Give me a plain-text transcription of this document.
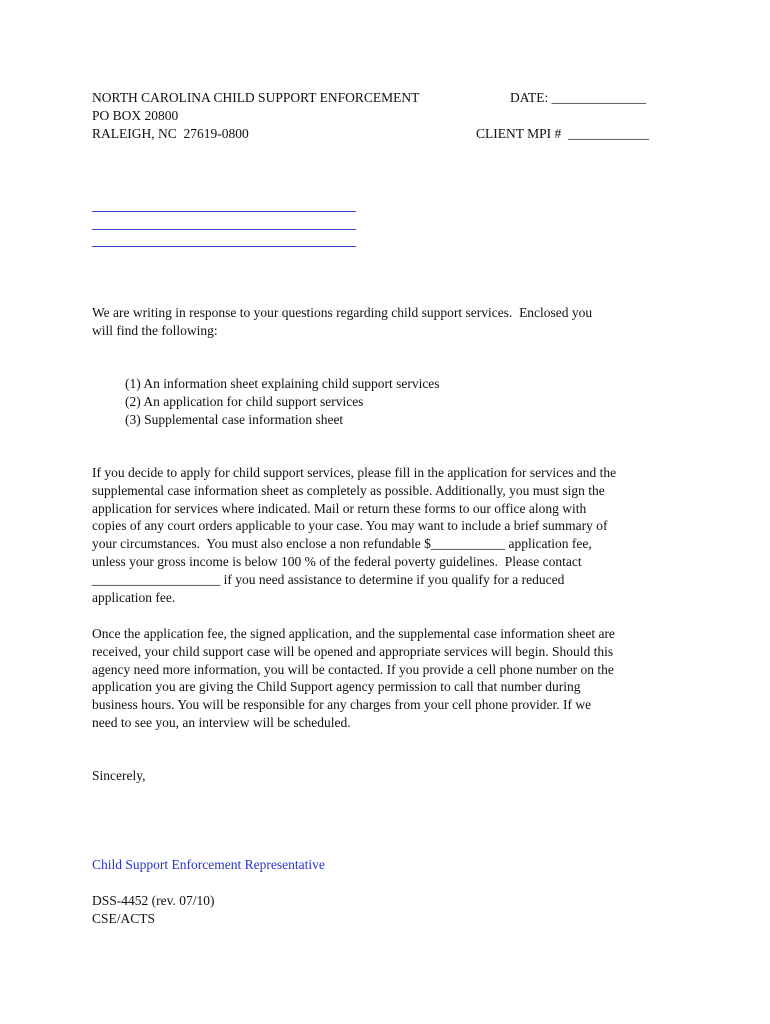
NORTH CAROLINA CHILD SUPPORT ENFORCEMENT	DATE: ______________
PO BOX 20800
RALEIGH, NC  27619-0800	CLIENT MPI #  ____________
We are writing in response to your questions regarding child support services.  Enclosed you
will find the following:
(1) An information sheet explaining child support services
(2) An application for child support services
(3) Supplemental case information sheet
If you decide to apply for child support services, please fill in the application for services and the
supplemental case information sheet as completely as possible. Additionally, you must sign the
application for services where indicated. Mail or return these forms to our office along with
copies of any court orders applicable to your case. You may want to include a brief summary of
your circumstances.  You must also enclose a non refundable $___________ application fee,
unless your gross income is below 100 % of the federal poverty guidelines.  Please contact
___________________ if you need assistance to determine if you qualify for a reduced
application fee.
Once the application fee, the signed application, and the supplemental case information sheet are
received, your child support case will be opened and appropriate services will begin. Should this
agency need more information, you will be contacted. If you provide a cell phone number on the
application you are giving the Child Support agency permission to call that number during
business hours. You will be responsible for any charges from your cell phone provider. If we
need to see you, an interview will be scheduled.
Sincerely,
Child Support Enforcement Representative
DSS-4452 (rev. 07/10)
CSE/ACTS
